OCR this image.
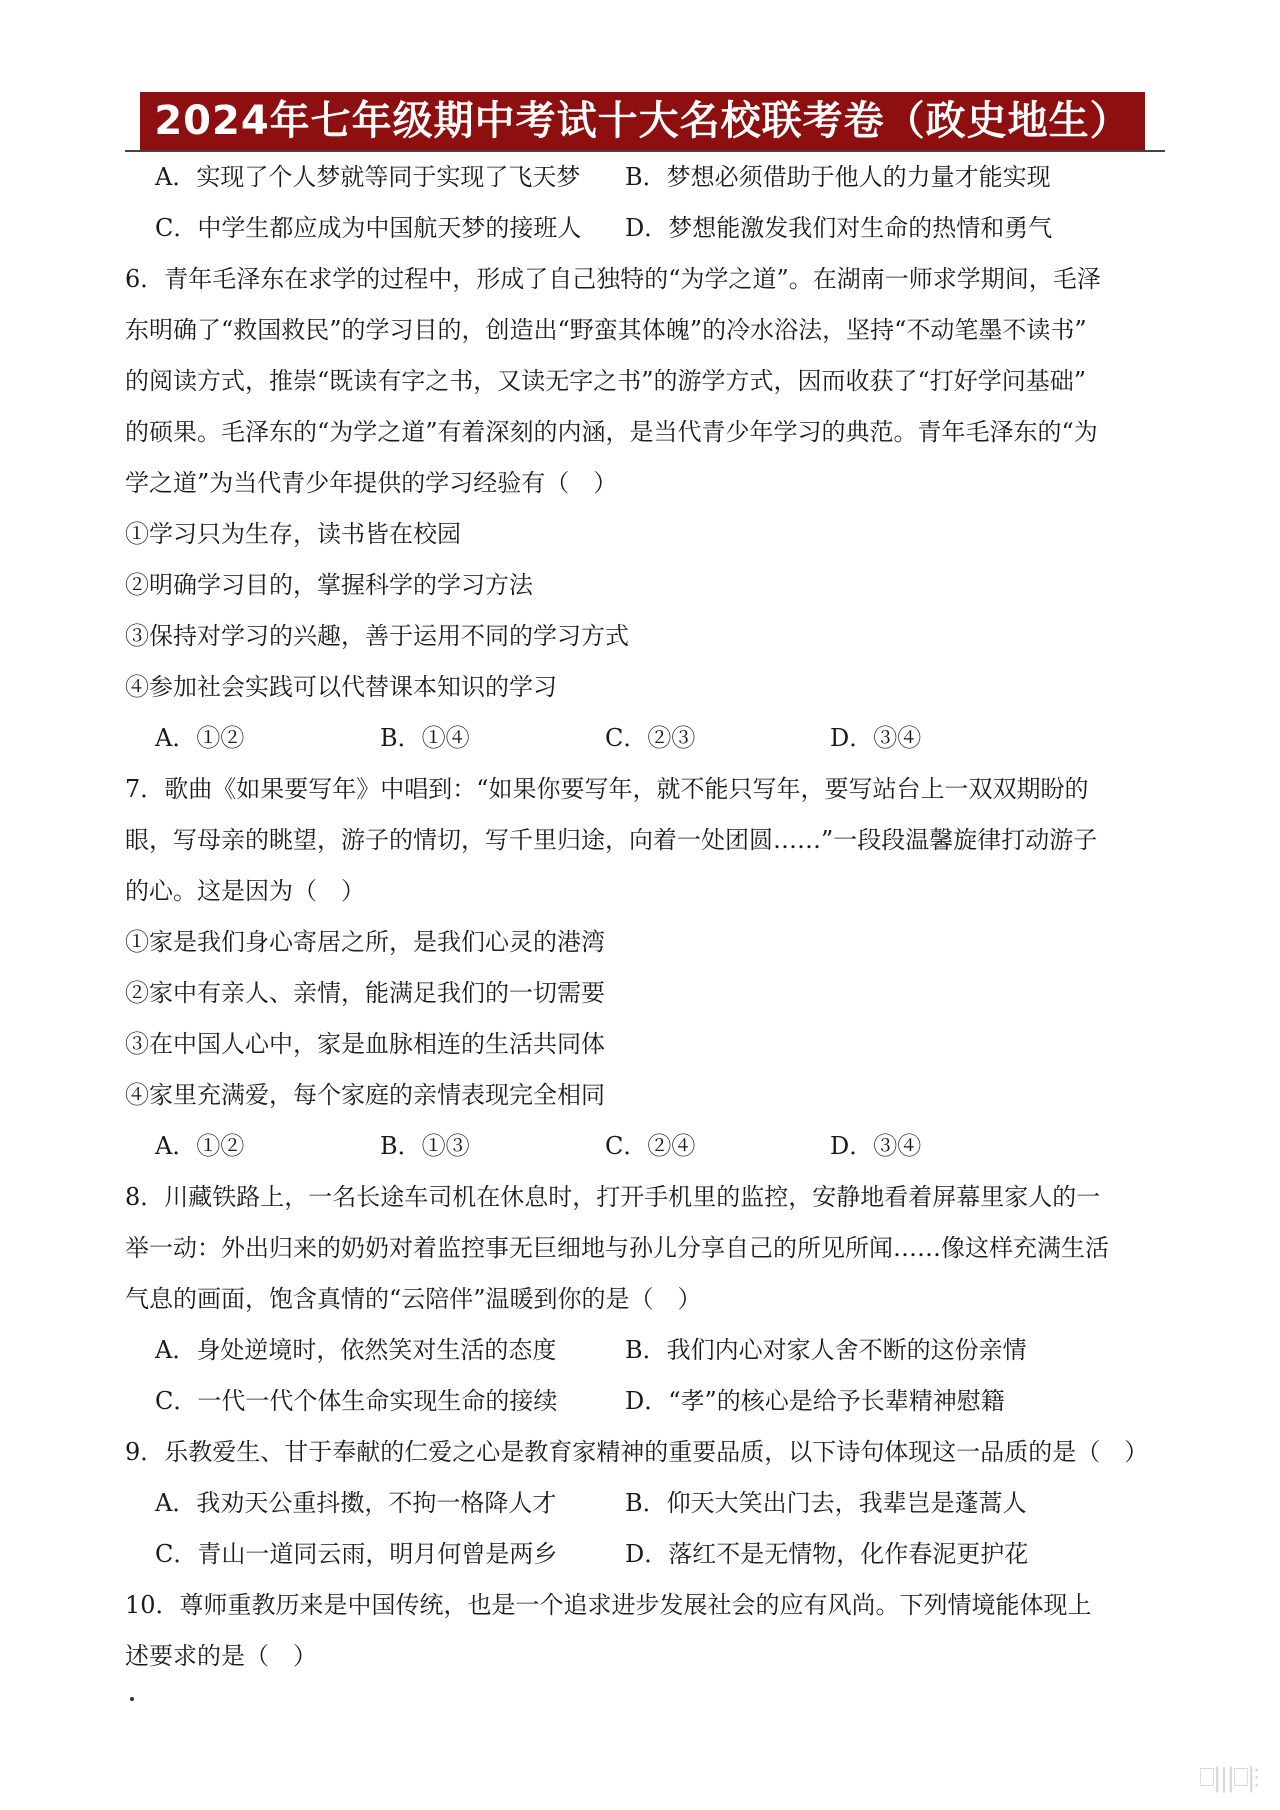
2024年七年级期中考试十大名校联考卷（政史地生）
A．实现了个人梦就等同于实现了飞天梦 B．梦想必须借助于他人的力量才能实现
C．中学生都应成为中国航天梦的接班人 D．梦想能激发我们对生命的热情和勇气
6．青年毛泽东在求学的过程中，形成了自己独特的“为学之道”。在湖南一师求学期间，毛泽
东明确了“救国救民”的学习目的，创造出“野蛮其体魄”的冷水浴法，坚持“不动笔墨不读书”
的阅读方式，推崇“既读有字之书，又读无字之书”的游学方式，因而收获了“打好学问基础”
的硕果。毛泽东的“为学之道”有着深刻的内涵，是当代青少年学习的典范。青年毛泽东的“为
学之道”为当代青少年提供的学习经验有（　）
①学习只为生存，读书皆在校园
②明确学习目的，掌握科学的学习方法
③保持对学习的兴趣，善于运用不同的学习方式
④参加社会实践可以代替课本知识的学习
A．①②	B．①④	C．②③	D．③④
7．歌曲《如果要写年》中唱到：“如果你要写年，就不能只写年，要写站台上一双双期盼的
眼，写母亲的眺望，游子的情切，写千里归途，向着一处团圆……”一段段温馨旋律打动游子
的心。这是因为（　）
①家是我们身心寄居之所，是我们心灵的港湾
②家中有亲人、亲情，能满足我们的一切需要
③在中国人心中，家是血脉相连的生活共同体
④家里充满爱，每个家庭的亲情表现完全相同
A．①②	B．①③	C．②④	D．③④
8．川藏铁路上，一名长途车司机在休息时，打开手机里的监控，安静地看着屏幕里家人的一
举一动：外出归来的奶奶对着监控事无巨细地与孙儿分享自己的所见所闻……像这样充满生活
气息的画面，饱含真情的“云陪伴”温暖到你的是（　）
A．身处逆境时，依然笑对生活的态度	B．我们内心对家人舍不断的这份亲情
C．一代一代个体生命实现生命的接续	D．“孝”的核心是给予长辈精神慰籍
9．乐教爱生、甘于奉献的仁爱之心是教育家精神的重要品质，以下诗句体现这一品质的是（　）
A．我劝天公重抖擞，不拘一格降人才	B．仰天大笑出门去，我辈岂是蓬蒿人
C．青山一道同云雨，明月何曾是两乡	D．落红不是无情物，化作春泥更护花
10．尊师重教历来是中国传统，也是一个追求进步发展社会的应有风尚。下列情境能体现上
述要求的是（　）
⎕|||⎕|⫶
